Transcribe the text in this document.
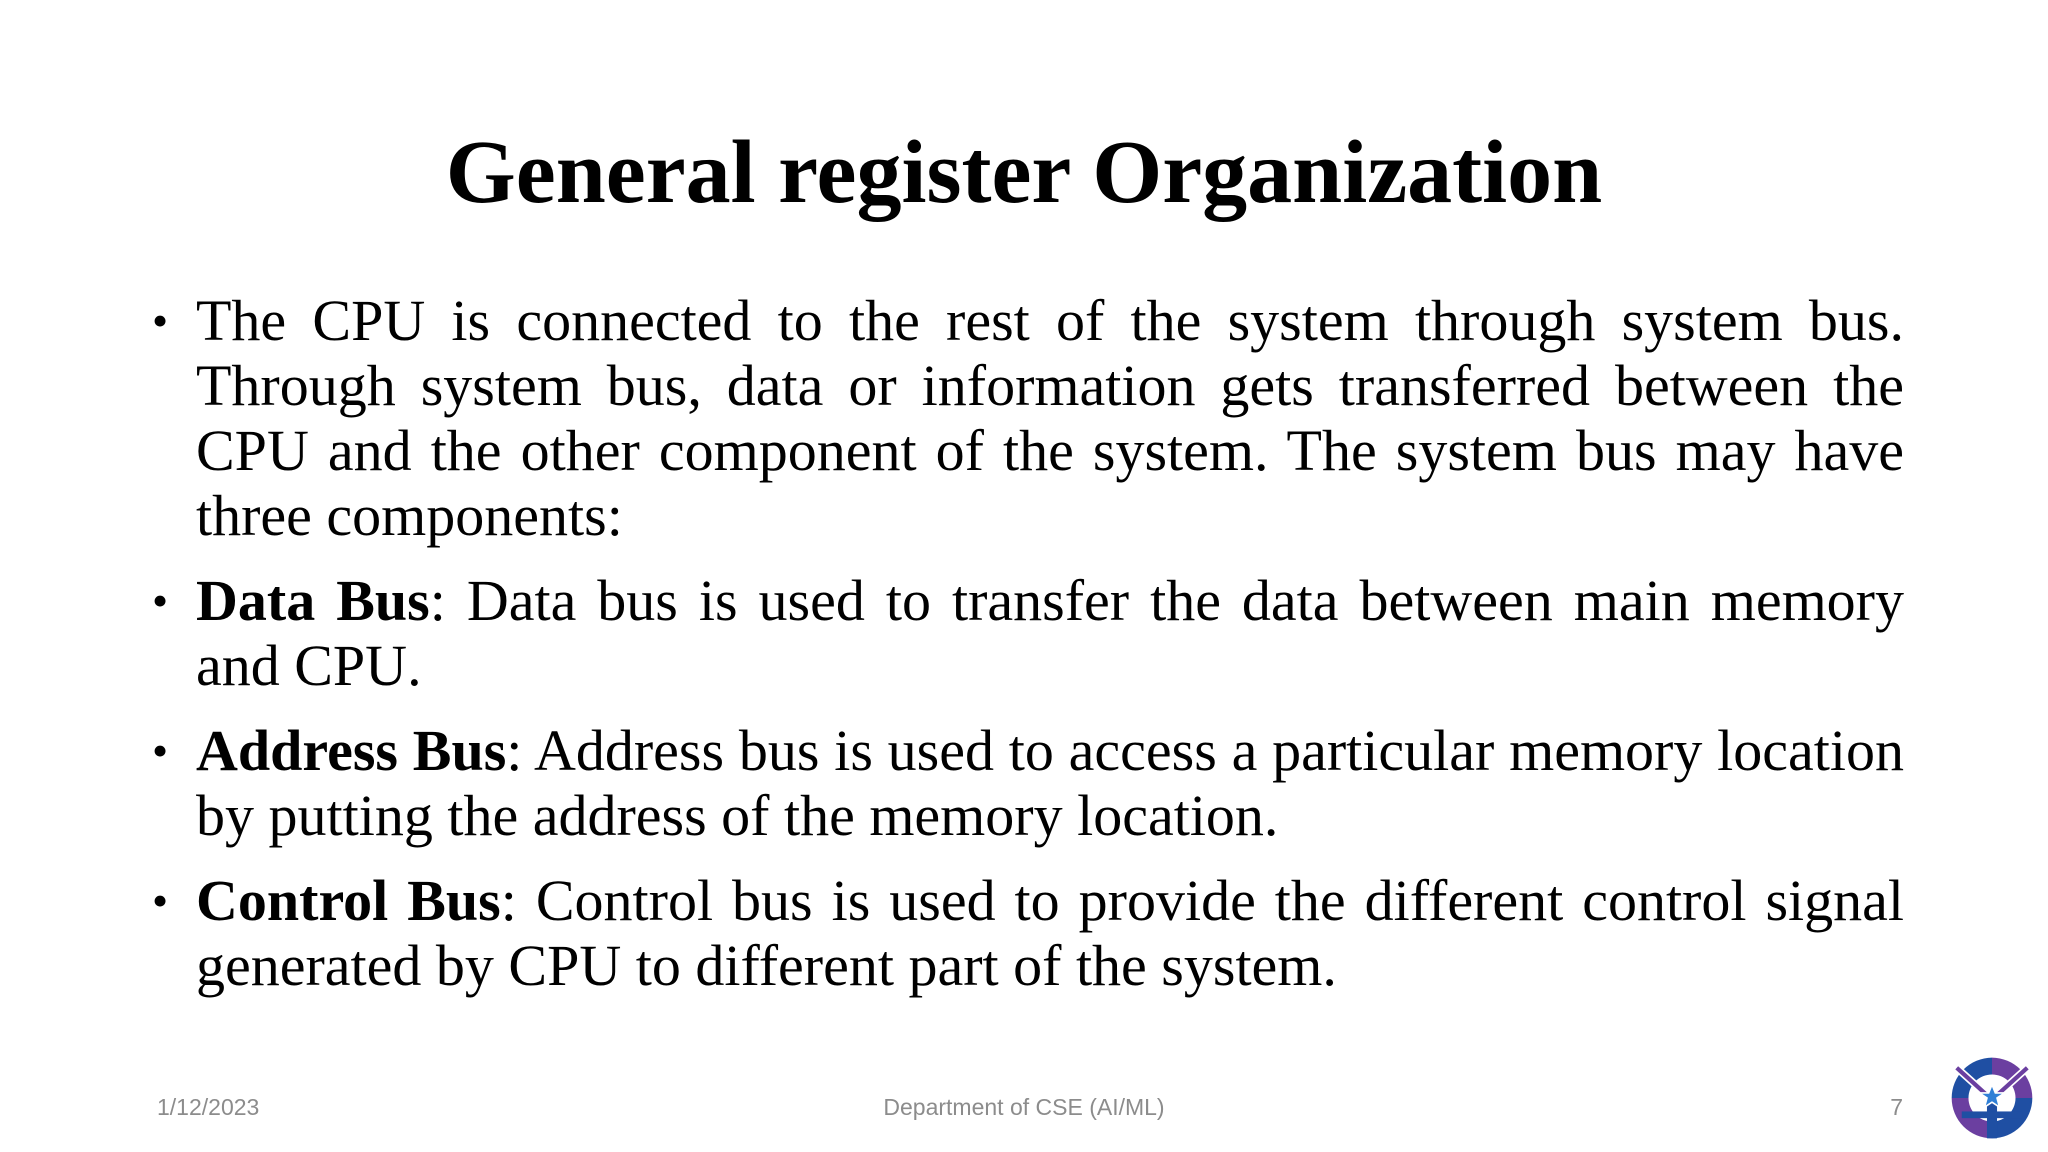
General register Organization
• The CPU is connected to the rest of the system through system bus. Through system bus, data or information gets transferred between the CPU and the other component of the system. The system bus may have three components:
• Data Bus: Data bus is used to transfer the data between main memory and CPU.
• Address Bus: Address bus is used to access a particular memory location by putting the address of the memory location.
• Control Bus: Control bus is used to provide the different control signal generated by CPU to different part of the system.
Department of CSE (AI/ML)
1/12/2023	7
